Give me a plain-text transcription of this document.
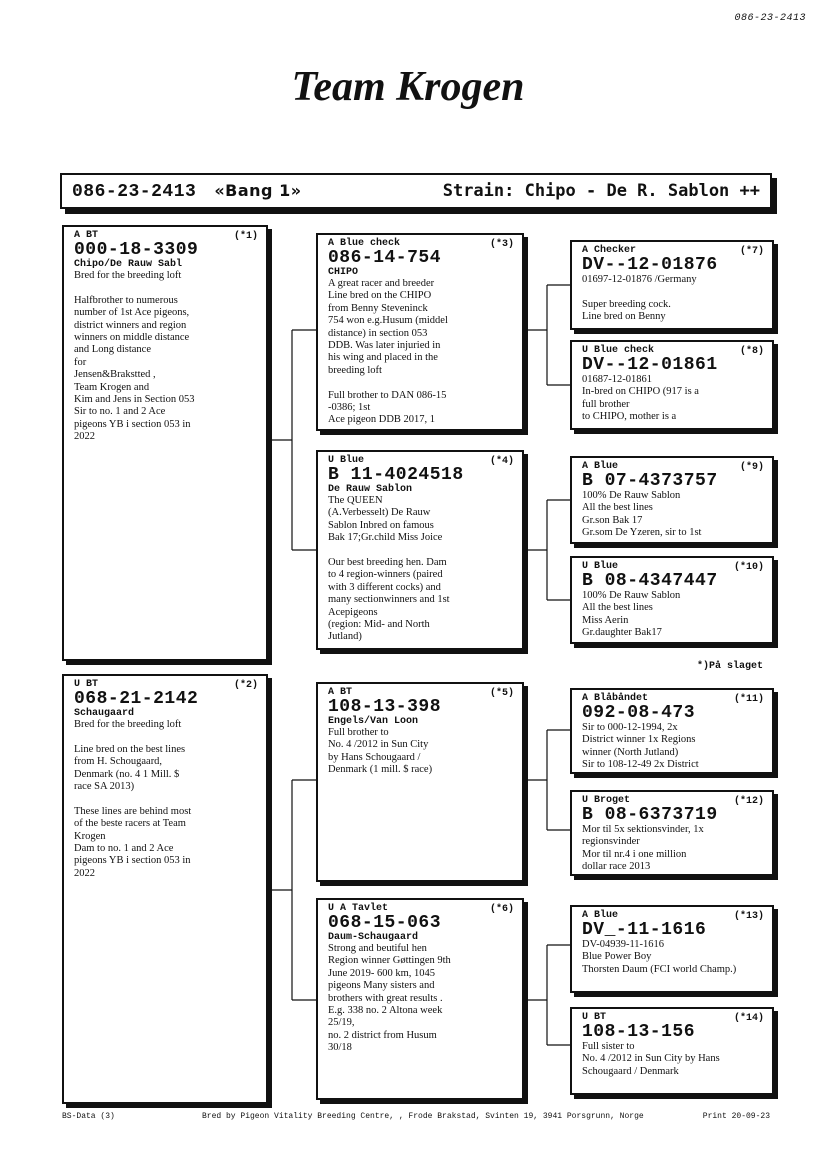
086-23-2413
Team Krogen
086-23-2413 «Bang 1»	Strain: Chipo - De R. Sablon ++
(*1)
A BT
000-18-3309
Chipo/De Rauw Sabl
Bred for the breeding loft

Halfbrother to numerous
number of 1st Ace pigeons,
district winners and region
winners on middle distance
and Long distance
for
Jensen&Brakstted ,
Team Krogen and
Kim and Jens in Section 053
Sir to no. 1 and 2 Ace
pigeons YB i section 053 in
2022
(*2)
U BT
068-21-2142
Schaugaard
Bred for the breeding loft

Line bred on the best lines
from H. Schougaard,
Denmark (no. 4 1 Mill. $
race SA 2013)

These lines are behind most
of the beste racers at Team
Krogen
Dam to no. 1 and 2 Ace
pigeons YB i section 053 in
2022
(*3)
A Blue check
086-14-754
CHIPO
A great racer and breeder
Line bred on the CHIPO
from Benny Steveninck
754 won e.g.Husum (middel
distance) in section 053
DDB. Was later injuried in
his wing and placed in the
breeding loft

Full brother to DAN 086-15
-0386; 1st
Ace pigeon DDB 2017, 1
(*4)
U Blue
B 11-4024518
De Rauw Sablon
The QUEEN
(A.Verbesselt) De Rauw
Sablon Inbred on famous
Bak 17;Gr.child Miss Joice

Our best breeding hen. Dam
to 4 region-winners (paired
with 3 different cocks) and
many sectionwinners and 1st
Acepigeons
(region: Mid- and North
Jutland)
(*5)
A BT
108-13-398
Engels/Van Loon
Full brother to
No. 4 /2012 in Sun City
by Hans Schougaard /
Denmark (1 mill. $ race)
(*6)
U A Tavlet
068-15-063
Daum-Schaugaard
Strong and beutiful hen
Region winner Gøttingen 9th
June 2019- 600 km, 1045
pigeons Many sisters and
brothers with great results .
E.g. 338 no. 2 Altona week
25/19,
no. 2 district from Husum
30/18
(*7)
A Checker
DV--12-01876
01697-12-01876 /Germany

Super breeding cock.
Line bred on Benny
(*8)
U Blue check
DV--12-01861
01687-12-01861
In-bred on CHIPO (917 is a
full brother
to CHIPO, mother is a
(*9)
A Blue
B 07-4373757
100% De Rauw Sablon
All the best lines
Gr.son Bak 17
Gr.som De Yzeren, sir to 1st
(*10)
U Blue
B 08-4347447
100% De Rauw Sablon
All the best lines
Miss Aerin
Gr.daughter Bak17
(*11)
A Blåbåndet
092-08-473
Sir to 000-12-1994, 2x
District winner 1x Regions
winner (North Jutland)
Sir to 108-12-49 2x District
(*12)
U Broget
B 08-6373719
Mor til 5x sektionsvinder, 1x
regionsvinder
Mor til nr.4 i one million
dollar race 2013
(*13)
A Blue
DV_-11-1616
DV-04939-11-1616
Blue Power Boy
Thorsten Daum (FCI world Champ.)
(*14)
U BT
108-13-156
Full sister to
No. 4 /2012 in Sun City by Hans
Schougaard / Denmark
*)På slaget
BS-Data (3)	Bred by Pigeon Vitality Breeding Centre, , Frode Brakstad, Svinten 19, 3941 Porsgrunn, Norge	Print 20-09-23
